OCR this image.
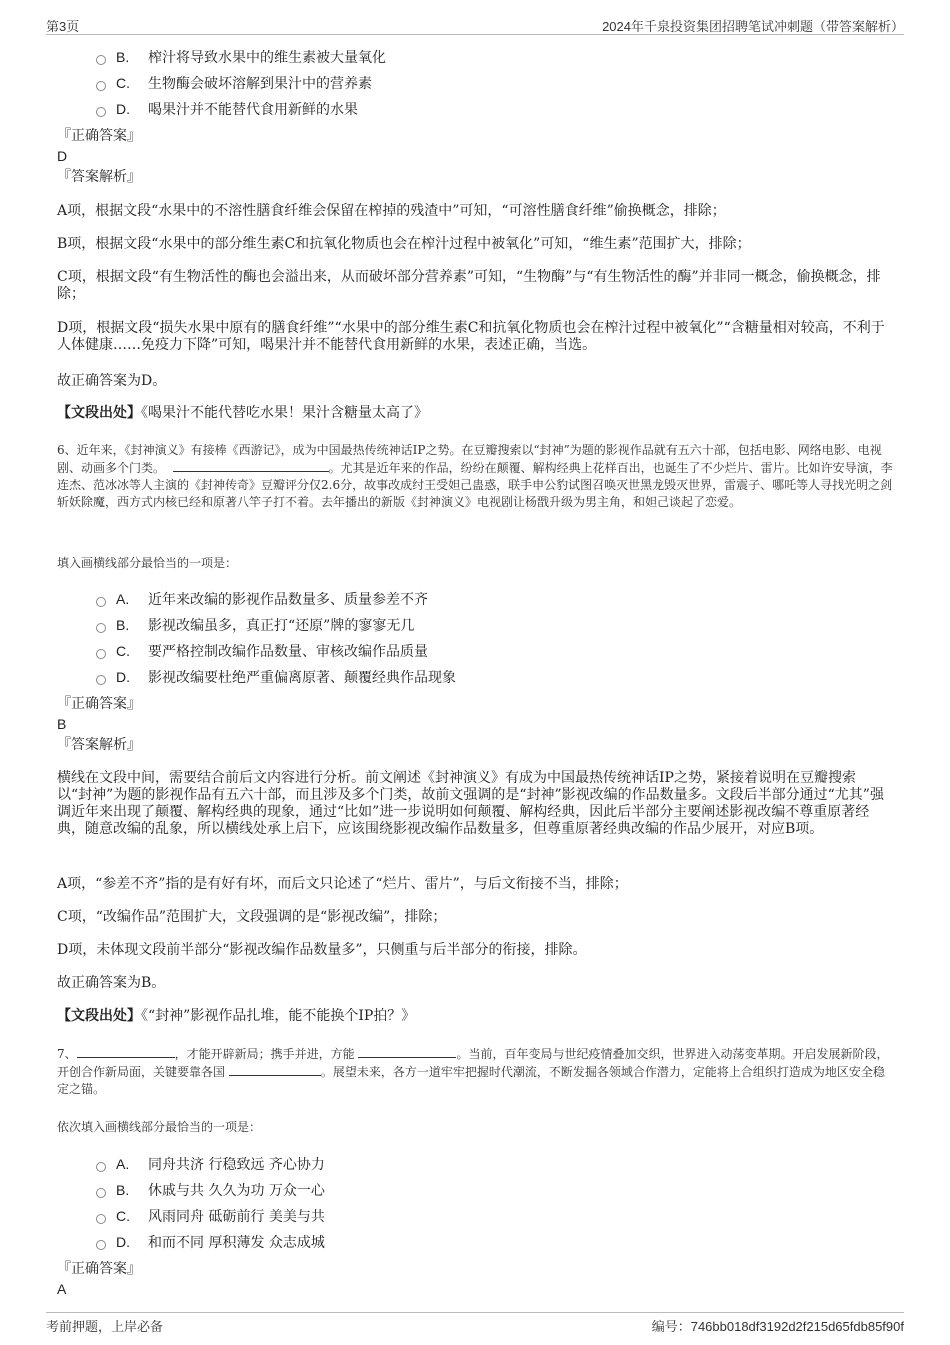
第3页	2024年千泉投资集团招聘笔试冲刺题（带答案解析）
B. 榨汁将导致水果中的维生素被大量氧化
C. 生物酶会破坏溶解到果汁中的营养素
D. 喝果汁并不能替代食用新鲜的水果
『正确答案』
D
『答案解析』
A项，根据文段“水果中的不溶性膳食纤维会保留在榨掉的残渣中”可知，“可溶性膳食纤维”偷换概念，排除；
B项，根据文段“水果中的部分维生素C和抗氧化物质也会在榨汁过程中被氧化”可知，“维生素”范围扩大，排除；
C项，根据文段“有生物活性的酶也会溢出来，从而破坏部分营养素”可知，“生物酶”与“有生物活性的酶”并非同一概念，偷换概念，排除；
D项，根据文段“损失水果中原有的膳食纤维”“水果中的部分维生素C和抗氧化物质也会在榨汁过程中被氧化”“含糖量相对较高，不利于人体健康……免疫力下降”可知，喝果汁并不能替代食用新鲜的水果，表述正确，当选。
故正确答案为D。
【文段出处】《喝果汁不能代替吃水果！果汁含糖量太高了》
6、近年来，《封神演义》有接棒《西游记》，成为中国最热传统神话IP之势。在豆瓣搜索以“封神”为题的影视作品就有五六十部，包括电影、网络电影、电视剧、动画多个门类。	。尤其是近年来的作品，纷纷在颠覆、解构经典上花样百出，也诞生了不少烂片、雷片。比如许安导演，李连杰、范冰冰等人主演的《封神传奇》豆瓣评分仅2.6分，故事改成纣王受妲己蛊惑，联手申公豹试图召唤灭世黑龙毁灭世界，雷震子、哪吒等人寻找光明之剑斩妖除魔，西方式内核已经和原著八竿子打不着。去年播出的新版《封神演义》电视剧让杨戬升级为男主角，和妲己谈起了恋爱。
填入画横线部分最恰当的一项是：
A. 近年来改编的影视作品数量多、质量参差不齐
B. 影视改编虽多，真正打“还原”牌的寥寥无几
C. 要严格控制改编作品数量、审核改编作品质量
D. 影视改编要杜绝严重偏离原著、颠覆经典作品现象
『正确答案』
B
『答案解析』
横线在文段中间，需要结合前后文内容进行分析。前文阐述《封神演义》有成为中国最热传统神话IP之势，紧接着说明在豆瓣搜索以“封神”为题的影视作品有五六十部，而且涉及多个门类，故前文强调的是“封神”影视改编的作品数量多。文段后半部分通过“尤其”强调近年来出现了颠覆、解构经典的现象，通过“比如”进一步说明如何颠覆、解构经典，因此后半部分主要阐述影视改编不尊重原著经典，随意改编的乱象，所以横线处承上启下，应该围绕影视改编作品数量多，但尊重原著经典改编的作品少展开，对应B项。
A项，“参差不齐”指的是有好有坏，而后文只论述了“烂片、雷片”，与后文衔接不当，排除；
C项，“改编作品”范围扩大，文段强调的是“影视改编”，排除；
D项，未体现文段前半部分“影视改编作品数量多”，只侧重与后半部分的衔接，排除。
故正确答案为B。
【文段出处】《“封神”影视作品扎堆，能不能换个IP拍？》
7、	，才能开辟新局；携手并进，方能	。当前，百年变局与世纪疫情叠加交织，世界进入动荡变革期。开启发展新阶段，开创合作新局面，关键要靠各国	。展望未来，各方一道牢牢把握时代潮流，不断发掘各领域合作潜力，定能将上合组织打造成为地区安全稳定之锚。
依次填入画横线部分最恰当的一项是：
A. 同舟共济 行稳致远 齐心协力
B. 休戚与共 久久为功 万众一心
C. 风雨同舟 砥砺前行 美美与共
D. 和而不同 厚积薄发 众志成城
『正确答案』
A
考前押题，上岸必备	编号：746bb018df3192d2f215d65fdb85f90f
